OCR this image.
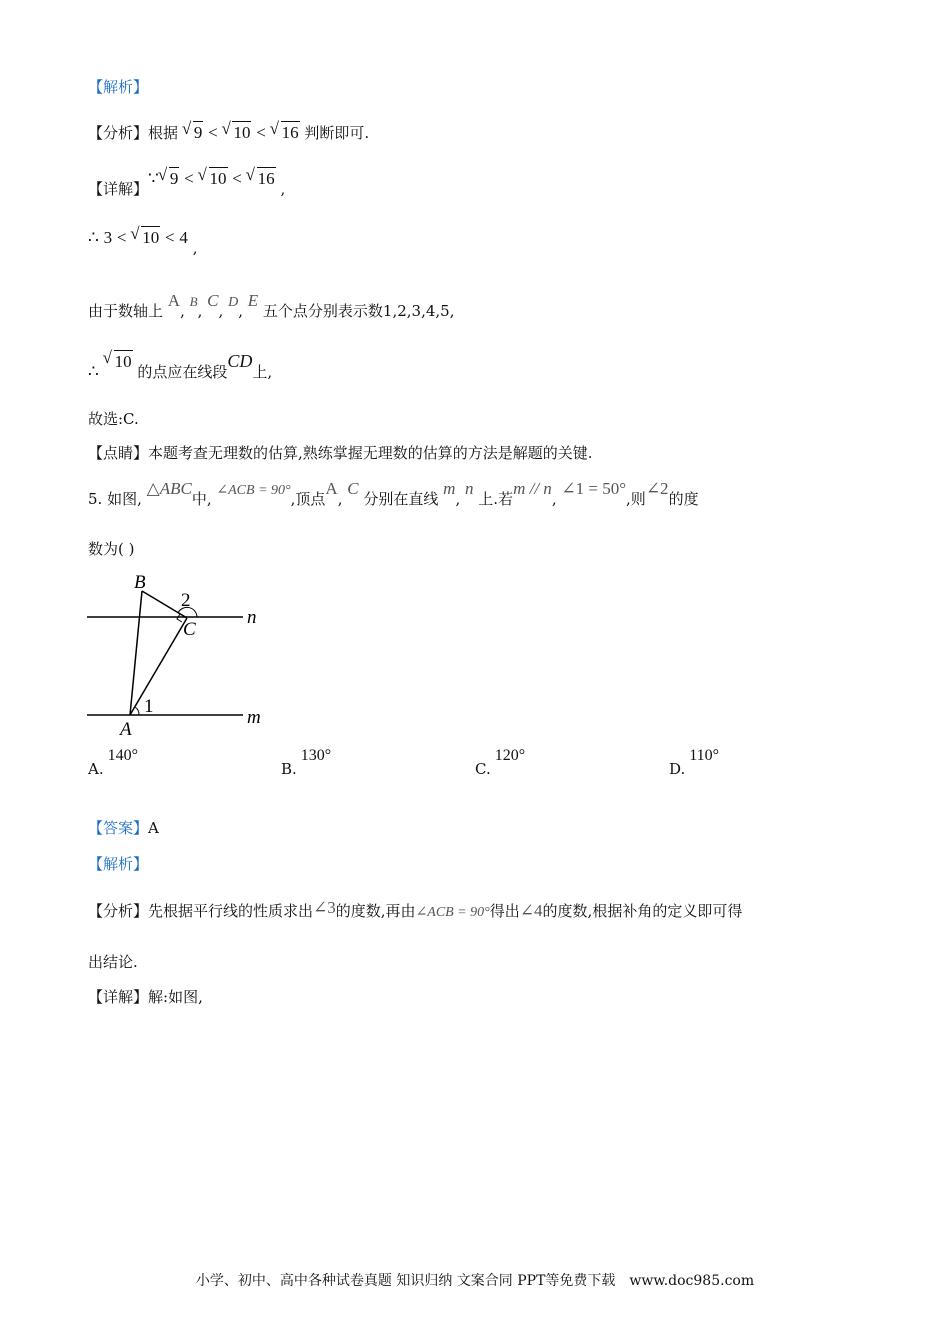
【解析】
【分析】根据 √ 9 < √ 10 < √ 16 判断即可.
【详解】∵ √ 9 < √ 10 < √ 16 ,
∴ 3 < √ 10 < 4 ,
由于数轴上 A, B, C, D, E 五个点分别表示数1,2,3,4,5,
∴ √ 10 的点应在线段CD上,
故选:C.
【点睛】本题考查无理数的估算,熟练掌握无理数的估算的方法是解题的关键.
5. 如图, △ABC中, ∠ACB = 90°,顶点A, C 分别在直线 m, n 上.若m // n, ∠1 = 50°,则∠2的度
数为( )
B
2
C
n
1
A
m
A.140°
B.130°
C.120°
D.110°
【答案】A
【解析】
【分析】先根据平行线的性质求出∠3的度数,再由∠ACB = 90°得出∠4的度数,根据补角的定义即可得
出结论.
【详解】解:如图,
小学、初中、高中各种试卷真题 知识归纳 文案合同 PPT等免费下载 www.doc985.com
